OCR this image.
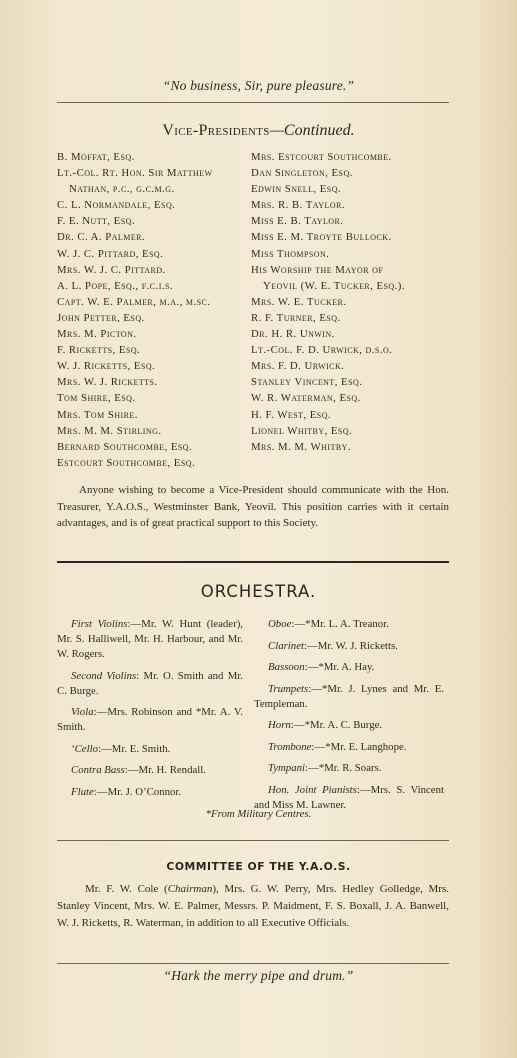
“No business, Sir, pure pleasure.”
Vice-Presidents—Continued.
B. Moffat, Esq.
Lt.-Col. Rt. Hon. Sir Matthew
Nathan, p.c., g.c.m.g.
C. L. Normandale, Esq.
F. E. Nutt, Esq.
Dr. C. A. Palmer.
W. J. C. Pittard, Esq.
Mrs. W. J. C. Pittard.
A. L. Pope, Esq., f.c.i.s.
Capt. W. E. Palmer, m.a., m.sc.
John Petter, Esq.
Mrs. M. Picton.
F. Ricketts, Esq.
W. J. Ricketts, Esq.
Mrs. W. J. Ricketts.
Tom Shire, Esq.
Mrs. Tom Shire.
Mrs. M. M. Stirling.
Bernard Southcombe, Esq.
Estcourt Southcombe, Esq.
Mrs. Estcourt Southcombe.
Dan Singleton, Esq.
Edwin Snell, Esq.
Mrs. R. B. Taylor.
Miss E. B. Taylor.
Miss E. M. Troyte Bullock.
Miss Thompson.
His Worship the Mayor of
Yeovil (W. E. Tucker, Esq.).
Mrs. W. E. Tucker.
R. F. Turner, Esq.
Dr. H. R. Unwin.
Lt.-Col. F. D. Urwick, d.s.o.
Mrs. F. D. Urwick.
Stanley Vincent, Esq.
W. R. Waterman, Esq.
H. F. West, Esq.
Lionel Whitby, Esq.
Mrs. M. M. Whitby.
Anyone wishing to become a Vice-President should communicate with the Hon. Treasurer, Y.A.O.S., Westminster Bank, Yeovil. This position carries with it certain advantages, and is of great practical support to this Society.
ORCHESTRA.
First Violins:—Mr. W. Hunt (leader), Mr. S. Halliwell, Mr. H. Harbour, and Mr. W. Rogers.
Second Violins: Mr. O. Smith and Mr. C. Burge.
Viola:—Mrs. Robinson and *Mr. A. V. Smith.
‘Cello:—Mr. E. Smith.
Contra Bass:—Mr. H. Rendall.
Flute:—Mr. J. O’Connor.
Oboe:—*Mr. L. A. Treanor.
Clarinet:—Mr. W. J. Ricketts.
Bassoon:—*Mr. A. Hay.
Trumpets:—*Mr. J. Lynes and Mr. E. Templeman.
Horn:—*Mr. A. C. Burge.
Trombone:—*Mr. E. Langhope.
Tympani:—*Mr. R. Soars.
Hon. Joint Pianists:—Mrs. S. Vincent and Miss M. Lawner.
*From Military Centres.
COMMITTEE OF THE Y.A.O.S.
Mr. F. W. Cole (Chairman), Mrs. G. W. Perry, Mrs. Hedley Golledge, Mrs. Stanley Vincent, Mrs. W. E. Palmer, Messrs. P. Maidment, F. S. Boxall, J. A. Banwell, W. J. Ricketts, R. Waterman, in addition to all Executive Officials.
“Hark the merry pipe and drum.”
